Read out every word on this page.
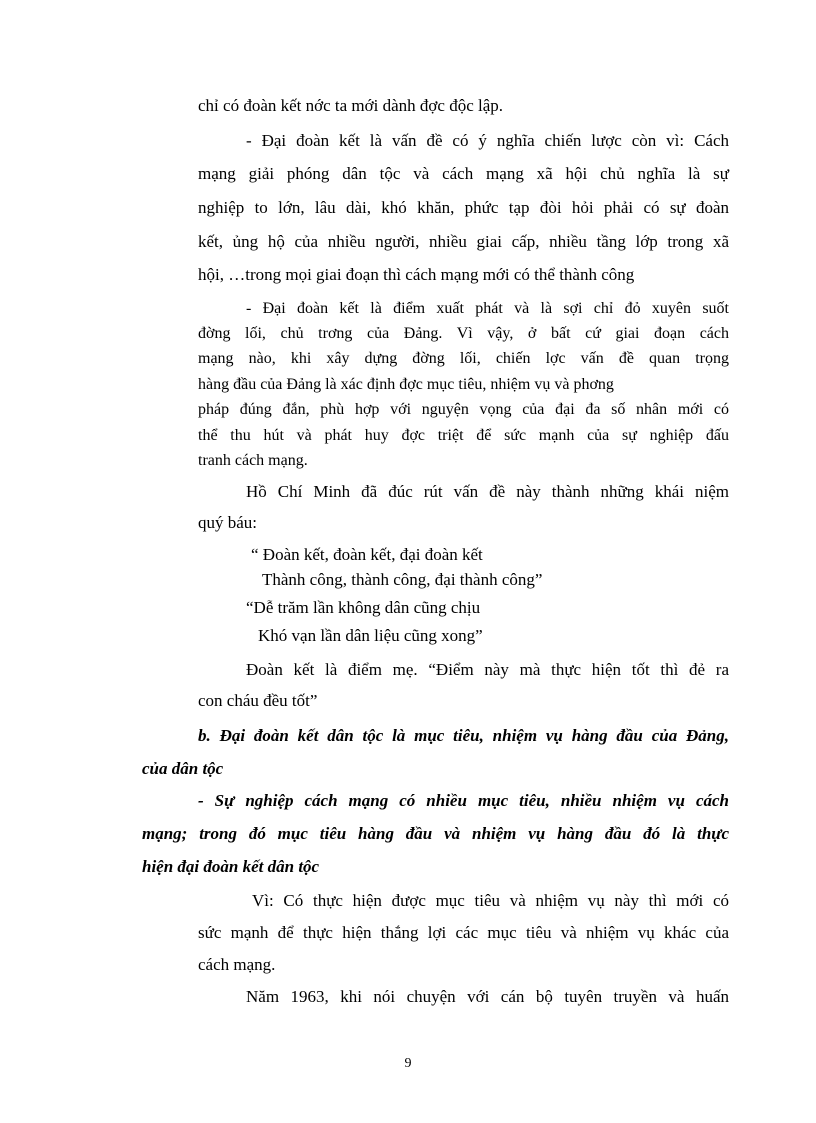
chỉ có đoàn kết nớc ta mới dành đợc độc lập.

- Đại đoàn kết là vấn đề có ý nghĩa chiến lược còn vì: Cách

mạng giải phóng dân tộc và cách mạng xã hội chủ nghĩa là sự

nghiệp to lớn, lâu dài, khó khăn, phức tạp đòi hỏi phải có sự đoàn

kết, ủng hộ của nhiều người, nhiều giai cấp, nhiều tầng lớp trong xã

hội, …trong mọi giai đoạn thì cách mạng mới có thể thành công

- Đại đoàn kết là điểm xuất phát và là sợi chỉ đỏ xuyên suốt

đờng lối, chủ trơng của Đảng. Vì vậy, ở bất cứ giai đoạn cách

mạng nào, khi xây dựng đờng lối, chiến lợc vấn đề quan trọng

hàng đầu của Đảng là xác định đợc mục tiêu, nhiệm vụ và phơng

pháp đúng đắn, phù hợp với nguyện vọng của đại đa số nhân mới có

thể thu hút và phát huy đợc triệt để sức mạnh của sự nghiệp đấu

tranh cách mạng.

Hồ Chí Minh đã đúc rút vấn đề này thành những khái niệm

quý báu:

“ Đoàn kết, đoàn kết, đại đoàn kết

Thành công, thành công, đại thành công”

“Dễ trăm lần không dân cũng chịu

Khó vạn lần dân liệu cũng xong”

Đoàn kết là điểm mẹ. “Điểm này mà thực hiện tốt thì đẻ ra

con cháu đều tốt”

b. Đại đoàn kết dân tộc là mục tiêu, nhiệm vụ hàng đầu của Đảng,

của dân tộc

- Sự nghiệp cách mạng có nhiều mục tiêu, nhiều nhiệm vụ cách

mạng; trong đó mục tiêu hàng đầu và nhiệm vụ hàng đầu đó là thực

hiện đại đoàn kết dân tộc

Vì: Có thực hiện được mục tiêu và nhiệm vụ này thì mới có

sức mạnh để thực hiện thắng lợi các mục tiêu và nhiệm vụ khác của

cách mạng.

Năm 1963, khi nói chuyện với cán bộ tuyên truyền và huấn

9
